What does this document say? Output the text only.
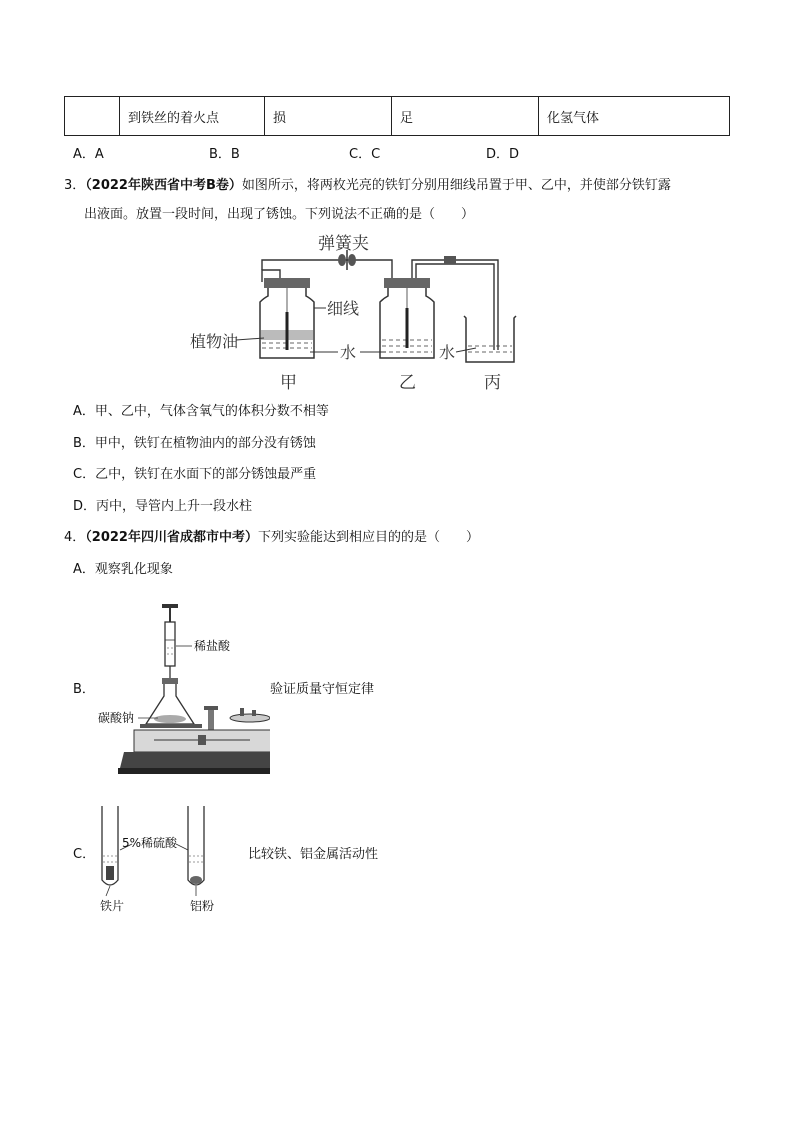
	到铁丝的着火点	损	足	化氢气体
A．A	B．B	C．C	D．D
3．（2022年陕西省中考B卷）如图所示，将两枚光亮的铁钉分别用细线吊置于甲、乙中，并使部分铁钉露
出液面。放置一段时间，出现了锈蚀。下列说法不正确的是（　　）
弹簧夹
植物油
细线
水	水
甲	乙	丙
A．甲、乙中，气体含氧气的体积分数不相等
B．甲中，铁钉在植物油内的部分没有锈蚀
C．乙中，铁钉在水面下的部分锈蚀最严重
D．丙中，导管内上升一段水柱
4．（2022年四川省成都市中考）下列实验能达到相应目的的是（　　）
A．观察乳化现象
B．	验证质量守恒定律
稀盐酸
碳酸钠
C．	比较铁、铝金属活动性
5%稀硫酸
铁片	铝粉
